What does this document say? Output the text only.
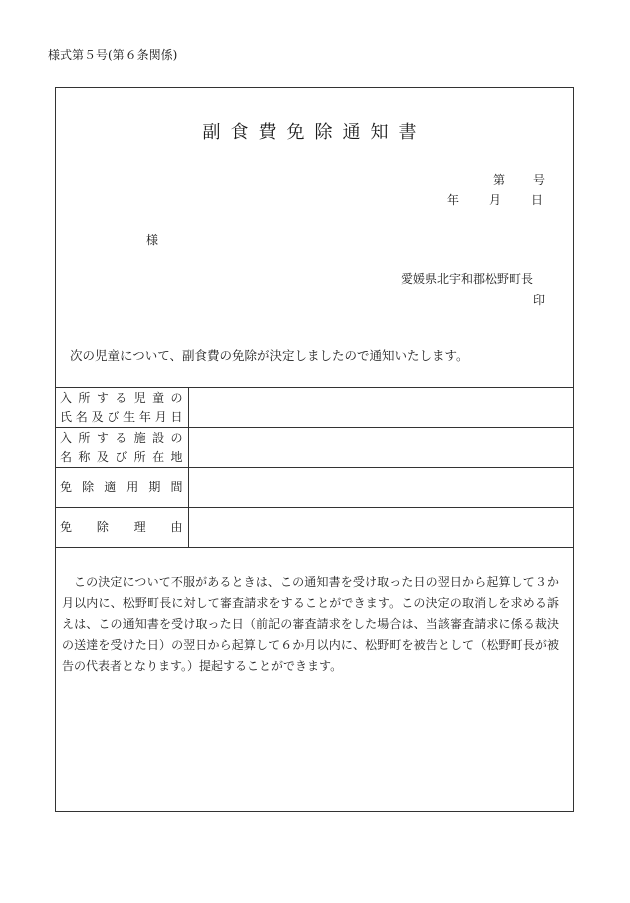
様式第５号(第６条関係)
副食費免除通知書
第 号
年	月	日
様
愛媛県北宇和郡松野町長
印
次の児童について、副食費の免除が決定しましたので通知いたします。
入所する児童の
氏名及び生年月日	

入所する施設の
名称及び所在地	

免除適用期間	

免除理由	

この決定について不服があるときは、この通知書を受け取った日の翌日から起算して３か月以内に、松野町長に対して審査請求をすることができます。この決定の取消しを求める訴えは、この通知書を受け取った日（前記の審査請求をした場合は、当該審査請求に係る裁決の送達を受けた日）の翌日から起算して６か月以内に、松野町を被告として（松野町長が被告の代表者となります。）提起することができます。
